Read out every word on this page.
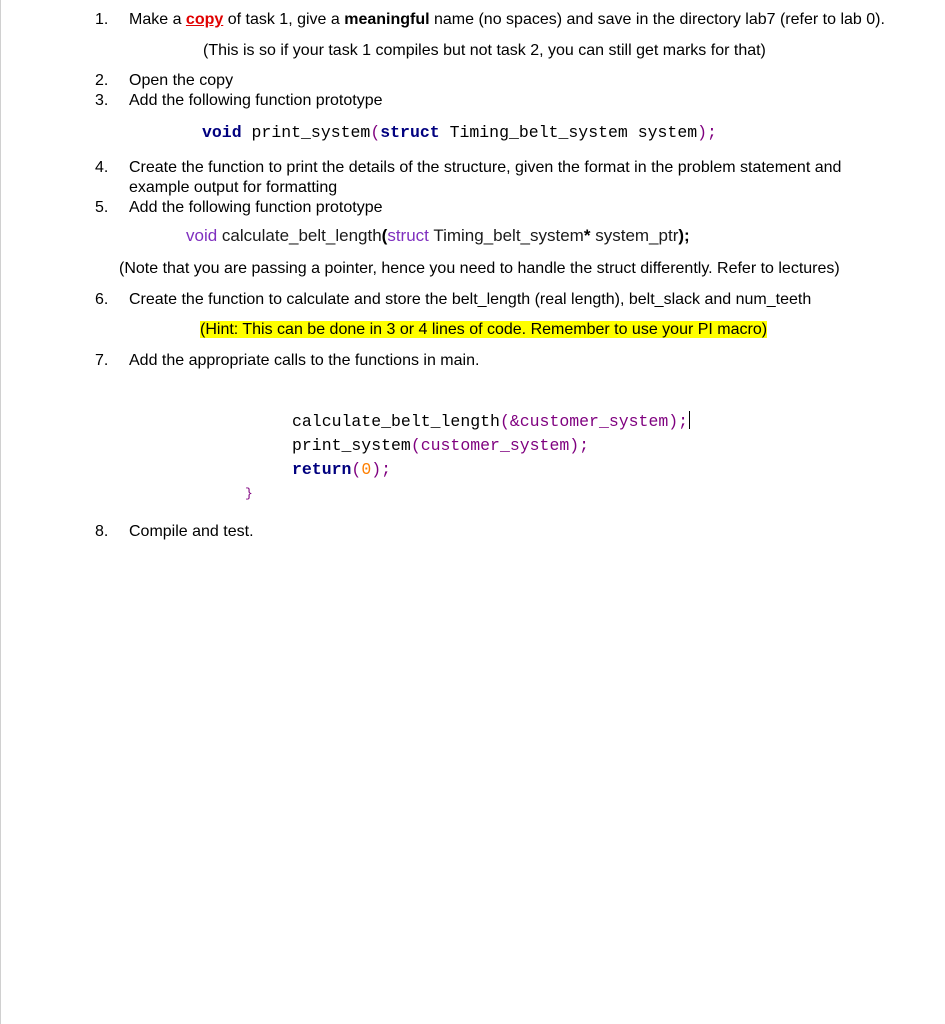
1. Make a copy of task 1, give a meaningful name (no spaces) and save in the directory lab7 (refer to lab 0).
(This is so if your task 1 compiles but not task 2, you can still get marks for that)
2. Open the copy
3. Add the following function prototype
void print_system(struct Timing_belt_system system);
4. Create the function to print the details of the structure, given the format in the problem statement and
example output for formatting
5. Add the following function prototype
void calculate_belt_length(struct Timing_belt_system* system_ptr);
(Note that you are passing a pointer, hence you need to handle the struct differently. Refer to lectures)
6. Create the function to calculate and store the belt_length (real length), belt_slack and num_teeth
(Hint: This can be done in 3 or 4 lines of code. Remember to use your PI macro)
7. Add the appropriate calls to the functions in main.
calculate_belt_length(&customer_system);
print_system(customer_system);
return(0);
}
8. Compile and test.
